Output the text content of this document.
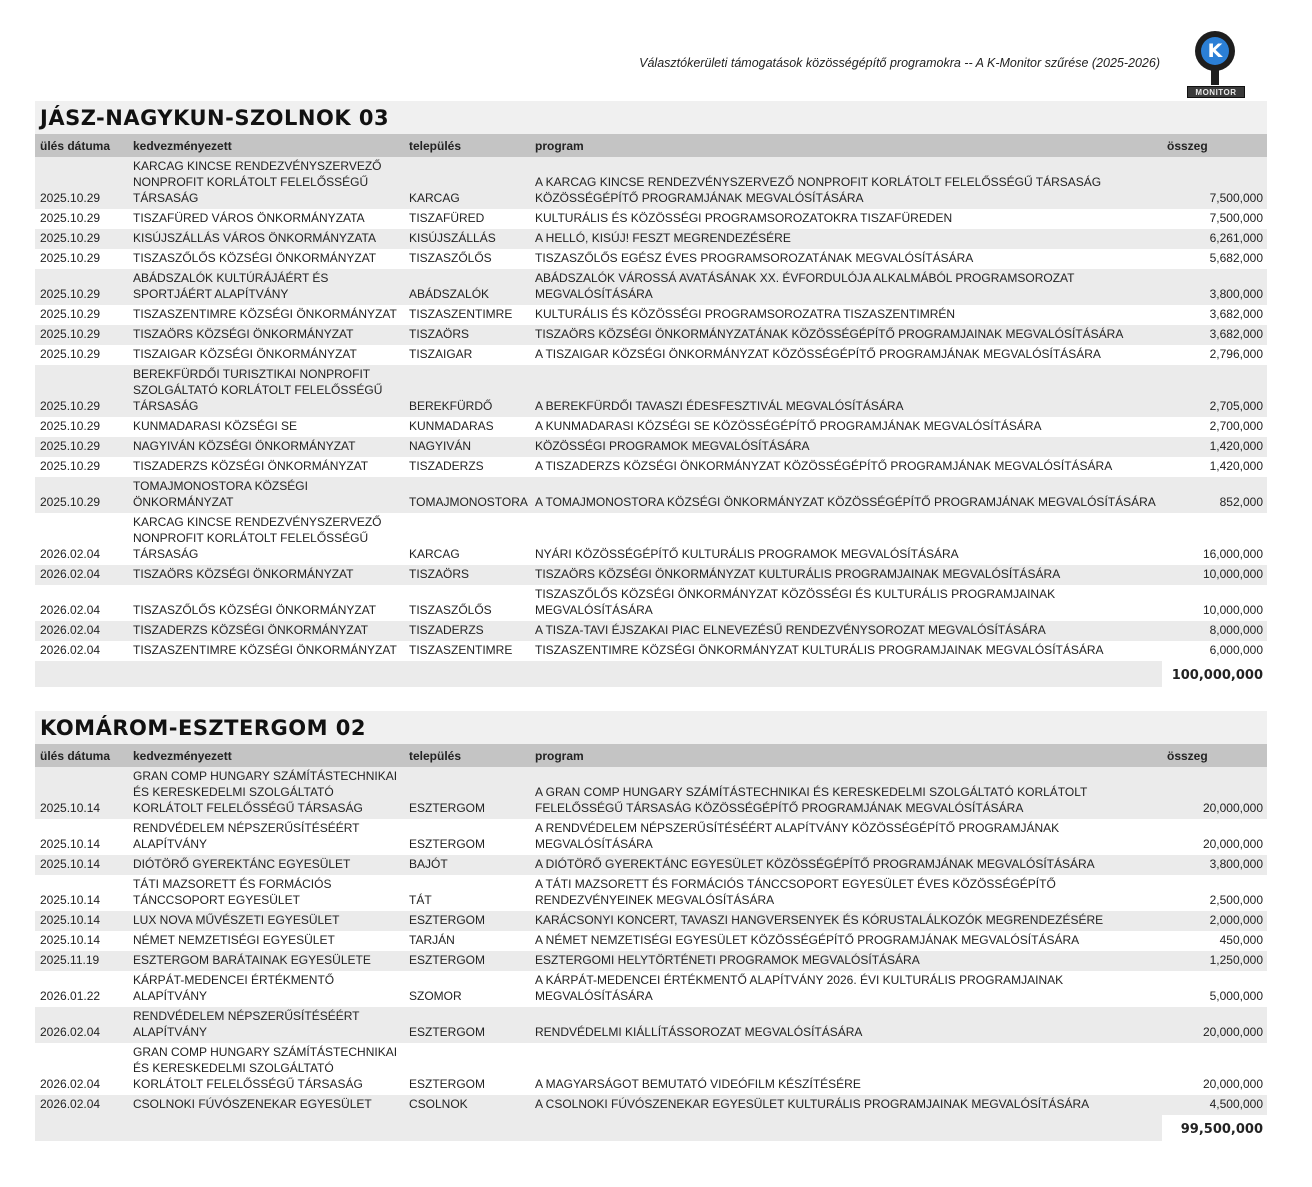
Választókerületi támogatások közösségépítő programokra -- A K-Monitor szűrése (2025-2026)
K
MONITOR
JÁSZ-NAGYKUN-SZOLNOK 03
ülés dátuma	kedvezményezett	település	program	összeg
2025.10.29	KARCAG KINCSE RENDEZVÉNYSZERVEZŐ NONPROFIT KORLÁTOLT FELELŐSSÉGŰ TÁRSASÁG	KARCAG	A KARCAG KINCSE RENDEZVÉNYSZERVEZŐ NONPROFIT KORLÁTOLT FELELŐSSÉGŰ TÁRSASÁG KÖZÖSSÉGÉPÍTŐ PROGRAMJÁNAK MEGVALÓSÍTÁSÁRA	7,500,000
2025.10.29	TISZAFÜRED VÁROS ÖNKORMÁNYZATA	TISZAFÜRED	KULTURÁLIS ÉS KÖZÖSSÉGI PROGRAMSOROZATOKRA TISZAFÜREDEN	7,500,000
2025.10.29	KISÚJSZÁLLÁS VÁROS ÖNKORMÁNYZATA	KISÚJSZÁLLÁS	A HELLÓ, KISÚJ! FESZT MEGRENDEZÉSÉRE	6,261,000
2025.10.29	TISZASZŐLŐS KÖZSÉGI ÖNKORMÁNYZAT	TISZASZŐLŐS	TISZASZŐLŐS EGÉSZ ÉVES PROGRAMSOROZATÁNAK MEGVALÓSÍTÁSÁRA	5,682,000
2025.10.29	ABÁDSZALÓK KULTÚRÁJÁÉRT ÉS SPORTJÁÉRT ALAPÍTVÁNY	ABÁDSZALÓK	ABÁDSZALÓK VÁROSSÁ AVATÁSÁNAK XX. ÉVFORDULÓJA ALKALMÁBÓL PROGRAMSOROZAT MEGVALÓSÍTÁSÁRA	3,800,000
2025.10.29	TISZASZENTIMRE KÖZSÉGI ÖNKORMÁNYZAT	TISZASZENTIMRE	KULTURÁLIS ÉS KÖZÖSSÉGI PROGRAMSOROZATRA TISZASZENTIMRÉN	3,682,000
2025.10.29	TISZAÖRS KÖZSÉGI ÖNKORMÁNYZAT	TISZAÖRS	TISZAÖRS KÖZSÉGI ÖNKORMÁNYZATÁNAK KÖZÖSSÉGÉPÍTŐ PROGRAMJAINAK MEGVALÓSÍTÁSÁRA	3,682,000
2025.10.29	TISZAIGAR KÖZSÉGI ÖNKORMÁNYZAT	TISZAIGAR	A TISZAIGAR KÖZSÉGI ÖNKORMÁNYZAT KÖZÖSSÉGÉPÍTŐ PROGRAMJÁNAK MEGVALÓSÍTÁSÁRA	2,796,000
2025.10.29	BEREKFÜRDŐI TURISZTIKAI NONPROFIT SZOLGÁLTATÓ KORLÁTOLT FELELŐSSÉGŰ TÁRSASÁG	BEREKFÜRDŐ	A BEREKFÜRDŐI TAVASZI ÉDESFESZTIVÁL MEGVALÓSÍTÁSÁRA	2,705,000
2025.10.29	KUNMADARASI KÖZSÉGI SE	KUNMADARAS	A KUNMADARASI KÖZSÉGI SE KÖZÖSSÉGÉPÍTŐ PROGRAMJÁNAK MEGVALÓSÍTÁSÁRA	2,700,000
2025.10.29	NAGYIVÁN KÖZSÉGI ÖNKORMÁNYZAT	NAGYIVÁN	KÖZÖSSÉGI PROGRAMOK MEGVALÓSÍTÁSÁRA	1,420,000
2025.10.29	TISZADERZS KÖZSÉGI ÖNKORMÁNYZAT	TISZADERZS	A TISZADERZS KÖZSÉGI ÖNKORMÁNYZAT KÖZÖSSÉGÉPÍTŐ PROGRAMJÁNAK MEGVALÓSÍTÁSÁRA	1,420,000
2025.10.29	TOMAJMONOSTORA KÖZSÉGI ÖNKORMÁNYZAT	TOMAJMONOSTORA	A TOMAJMONOSTORA KÖZSÉGI ÖNKORMÁNYZAT KÖZÖSSÉGÉPÍTŐ PROGRAMJÁNAK MEGVALÓSÍTÁSÁRA	852,000
2026.02.04	KARCAG KINCSE RENDEZVÉNYSZERVEZŐ NONPROFIT KORLÁTOLT FELELŐSSÉGŰ TÁRSASÁG	KARCAG	NYÁRI KÖZÖSSÉGÉPÍTŐ KULTURÁLIS PROGRAMOK MEGVALÓSÍTÁSÁRA	16,000,000
2026.02.04	TISZAÖRS KÖZSÉGI ÖNKORMÁNYZAT	TISZAÖRS	TISZAÖRS KÖZSÉGI ÖNKORMÁNYZAT KULTURÁLIS PROGRAMJAINAK MEGVALÓSÍTÁSÁRA	10,000,000
2026.02.04	TISZASZŐLŐS KÖZSÉGI ÖNKORMÁNYZAT	TISZASZŐLŐS	TISZASZŐLŐS KÖZSÉGI ÖNKORMÁNYZAT KÖZÖSSÉGI ÉS KULTURÁLIS PROGRAMJAINAK MEGVALÓSÍTÁSÁRA	10,000,000
2026.02.04	TISZADERZS KÖZSÉGI ÖNKORMÁNYZAT	TISZADERZS	A TISZA-TAVI ÉJSZAKAI PIAC ELNEVEZÉSŰ RENDEZVÉNYSOROZAT MEGVALÓSÍTÁSÁRA	8,000,000
2026.02.04	TISZASZENTIMRE KÖZSÉGI ÖNKORMÁNYZAT	TISZASZENTIMRE	TISZASZENTIMRE KÖZSÉGI ÖNKORMÁNYZAT KULTURÁLIS PROGRAMJAINAK MEGVALÓSÍTÁSÁRA	6,000,000
				100,000,000
KOMÁROM-ESZTERGOM 02
ülés dátuma	kedvezményezett	település	program	összeg
2025.10.14	GRAN COMP HUNGARY SZÁMÍTÁSTECHNIKAI ÉS KERESKEDELMI SZOLGÁLTATÓ KORLÁTOLT FELELŐSSÉGŰ TÁRSASÁG	ESZTERGOM	A GRAN COMP HUNGARY SZÁMÍTÁSTECHNIKAI ÉS KERESKEDELMI SZOLGÁLTATÓ KORLÁTOLT FELELŐSSÉGŰ TÁRSASÁG KÖZÖSSÉGÉPÍTŐ PROGRAMJÁNAK MEGVALÓSÍTÁSÁRA	20,000,000
2025.10.14	RENDVÉDELEM NÉPSZERŰSÍTÉSÉÉRT ALAPÍTVÁNY	ESZTERGOM	A RENDVÉDELEM NÉPSZERŰSÍTÉSÉÉRT ALAPÍTVÁNY KÖZÖSSÉGÉPÍTŐ PROGRAMJÁNAK MEGVALÓSÍTÁSÁRA	20,000,000
2025.10.14	DIÓTÖRŐ GYEREKTÁNC EGYESÜLET	BAJÓT	A DIÓTÖRŐ GYEREKTÁNC EGYESÜLET KÖZÖSSÉGÉPÍTŐ PROGRAMJÁNAK MEGVALÓSÍTÁSÁRA	3,800,000
2025.10.14	TÁTI MAZSORETT ÉS FORMÁCIÓS TÁNCCSOPORT EGYESÜLET	TÁT	A TÁTI MAZSORETT ÉS FORMÁCIÓS TÁNCCSOPORT EGYESÜLET ÉVES KÖZÖSSÉGÉPÍTŐ RENDEZVÉNYEINEK MEGVALÓSÍTÁSÁRA	2,500,000
2025.10.14	LUX NOVA MŰVÉSZETI EGYESÜLET	ESZTERGOM	KARÁCSONYI KONCERT, TAVASZI HANGVERSENYEK ÉS KÓRUSTALÁLKOZÓK MEGRENDEZÉSÉRE	2,000,000
2025.10.14	NÉMET NEMZETISÉGI EGYESÜLET	TARJÁN	A NÉMET NEMZETISÉGI EGYESÜLET KÖZÖSSÉGÉPÍTŐ PROGRAMJÁNAK MEGVALÓSÍTÁSÁRA	450,000
2025.11.19	ESZTERGOM BARÁTAINAK EGYESÜLETE	ESZTERGOM	ESZTERGOMI HELYTÖRTÉNETI PROGRAMOK MEGVALÓSÍTÁSÁRA	1,250,000
2026.01.22	KÁRPÁT-MEDENCEI ÉRTÉKMENTŐ ALAPÍTVÁNY	SZOMOR	A KÁRPÁT-MEDENCEI ÉRTÉKMENTŐ ALAPÍTVÁNY 2026. ÉVI KULTURÁLIS PROGRAMJAINAK MEGVALÓSÍTÁSÁRA	5,000,000
2026.02.04	RENDVÉDELEM NÉPSZERŰSÍTÉSÉÉRT ALAPÍTVÁNY	ESZTERGOM	RENDVÉDELMI KIÁLLÍTÁSSOROZAT MEGVALÓSÍTÁSÁRA	20,000,000
2026.02.04	GRAN COMP HUNGARY SZÁMÍTÁSTECHNIKAI ÉS KERESKEDELMI SZOLGÁLTATÓ KORLÁTOLT FELELŐSSÉGŰ TÁRSASÁG	ESZTERGOM	A MAGYARSÁGOT BEMUTATÓ VIDEÓFILM KÉSZÍTÉSÉRE	20,000,000
2026.02.04	CSOLNOKI FÚVÓSZENEKAR EGYESÜLET	CSOLNOK	A CSOLNOKI FÚVÓSZENEKAR EGYESÜLET KULTURÁLIS PROGRAMJAINAK MEGVALÓSÍTÁSÁRA	4,500,000
				99,500,000
